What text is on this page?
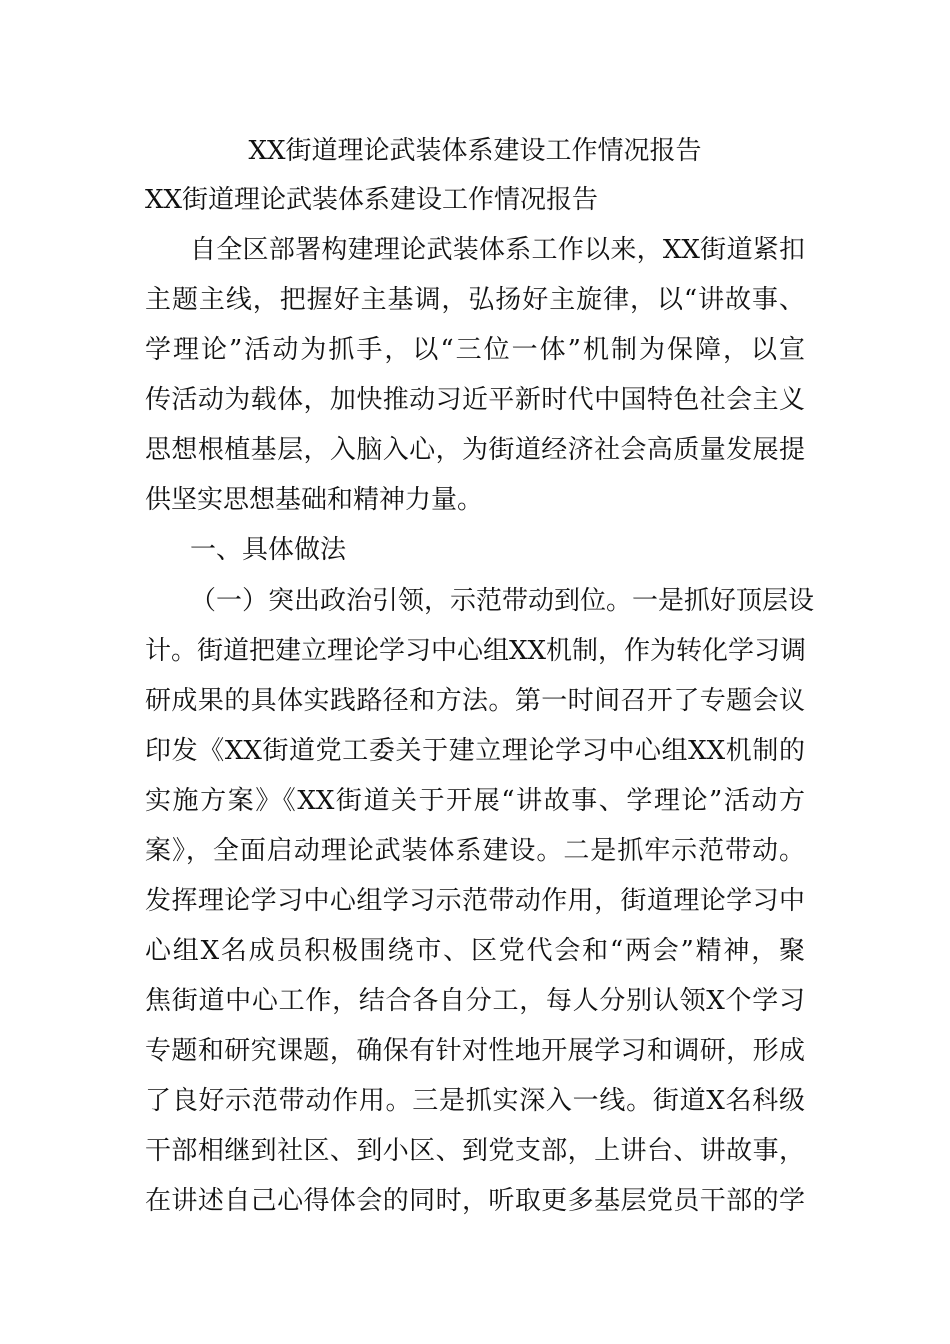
XX街道理论武装体系建设工作情况报告
XX街道理论武装体系建设工作情况报告
自全区部署构建理论武装体系工作以来，XX街道紧扣
主题主线，把握好主基调，弘扬好主旋律，以“讲故事、
学理论”活动为抓手，以“三位一体”机制为保障，以宣
传活动为载体，加快推动习近平新时代中国特色社会主义
思想根植基层，入脑入心，为街道经济社会高质量发展提
供坚实思想基础和精神力量。
一、具体做法
（一）突出政治引领，示范带动到位。一是抓好顶层设
计。街道把建立理论学习中心组XX机制，作为转化学习调
研成果的具体实践路径和方法。第一时间召开了专题会议
印发《XX街道党工委关于建立理论学习中心组XX机制的
实施方案》《XX街道关于开展“讲故事、学理论”活动方
案》，全面启动理论武装体系建设。二是抓牢示范带动。
发挥理论学习中心组学习示范带动作用，街道理论学习中
心组X名成员积极围绕市、区党代会和“两会”精神，聚
焦街道中心工作，结合各自分工，每人分别认领X个学习
专题和研究课题，确保有针对性地开展学习和调研，形成
了良好示范带动作用。三是抓实深入一线。街道X名科级
干部相继到社区、到小区、到党支部，上讲台、讲故事，
在讲述自己心得体会的同时，听取更多基层党员干部的学
